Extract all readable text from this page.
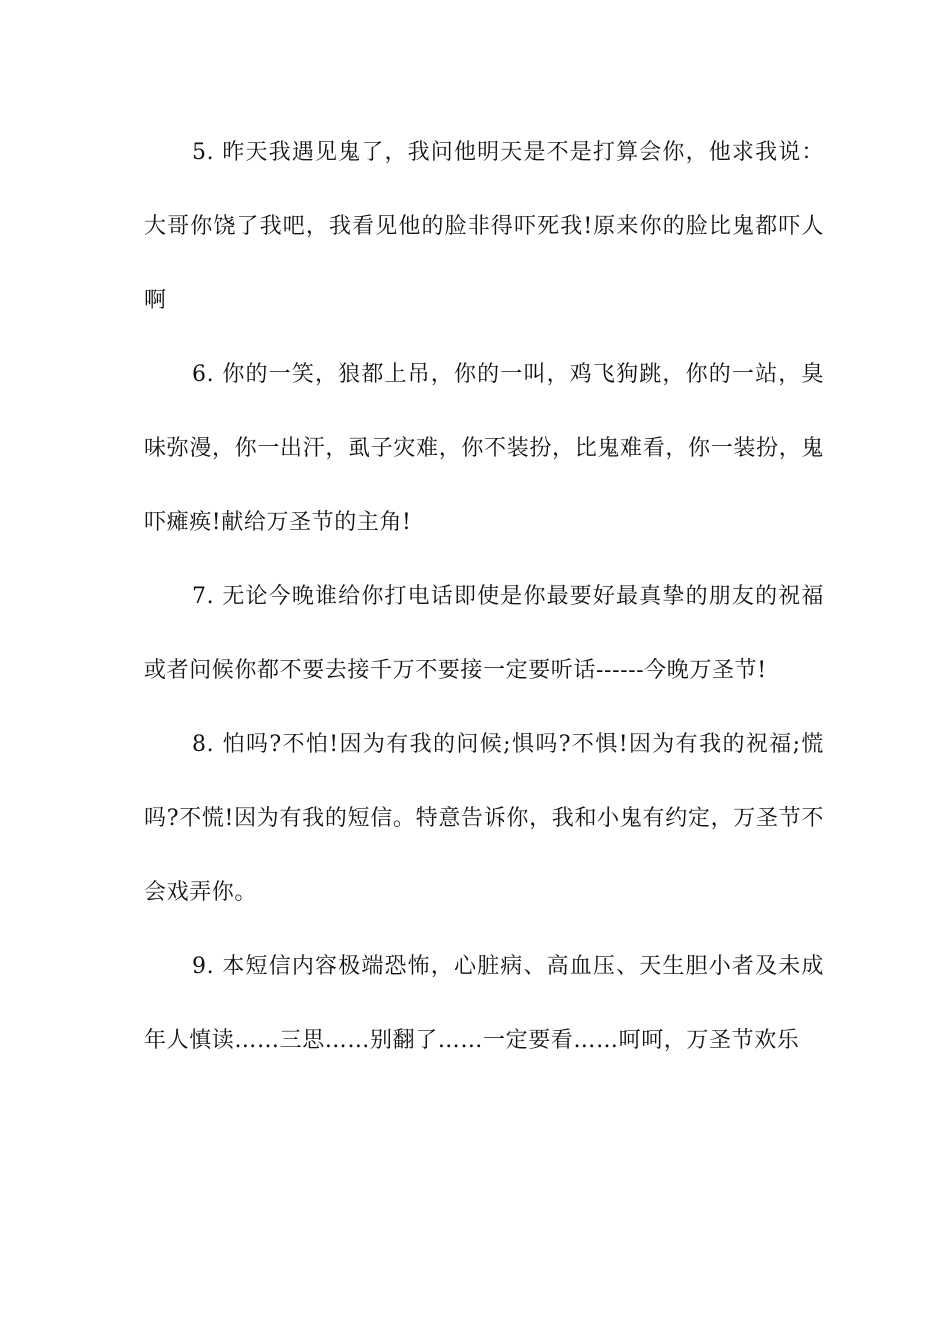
5. 昨天我遇见鬼了，我问他明天是不是打算会你，他求我说：大哥你饶了我吧，我看见他的脸非得吓死我!原来你的脸比鬼都吓人啊

6. 你的一笑，狼都上吊，你的一叫，鸡飞狗跳，你的一站，臭味弥漫，你一出汗，虱子灾难，你不装扮，比鬼难看，你一装扮，鬼吓瘫痪!献给万圣节的主角!

7. 无论今晚谁给你打电话即使是你最要好最真挚的朋友的祝福或者问候你都不要去接千万不要接一定要听话------今晚万圣节!

8. 怕吗?不怕!因为有我的问候;惧吗?不惧!因为有我的祝福;慌吗?不慌!因为有我的短信。特意告诉你，我和小鬼有约定，万圣节不会戏弄你。

9. 本短信内容极端恐怖，心脏病、高血压、天生胆小者及未成年人慎读……三思……别翻了……一定要看……呵呵，万圣节欢乐
